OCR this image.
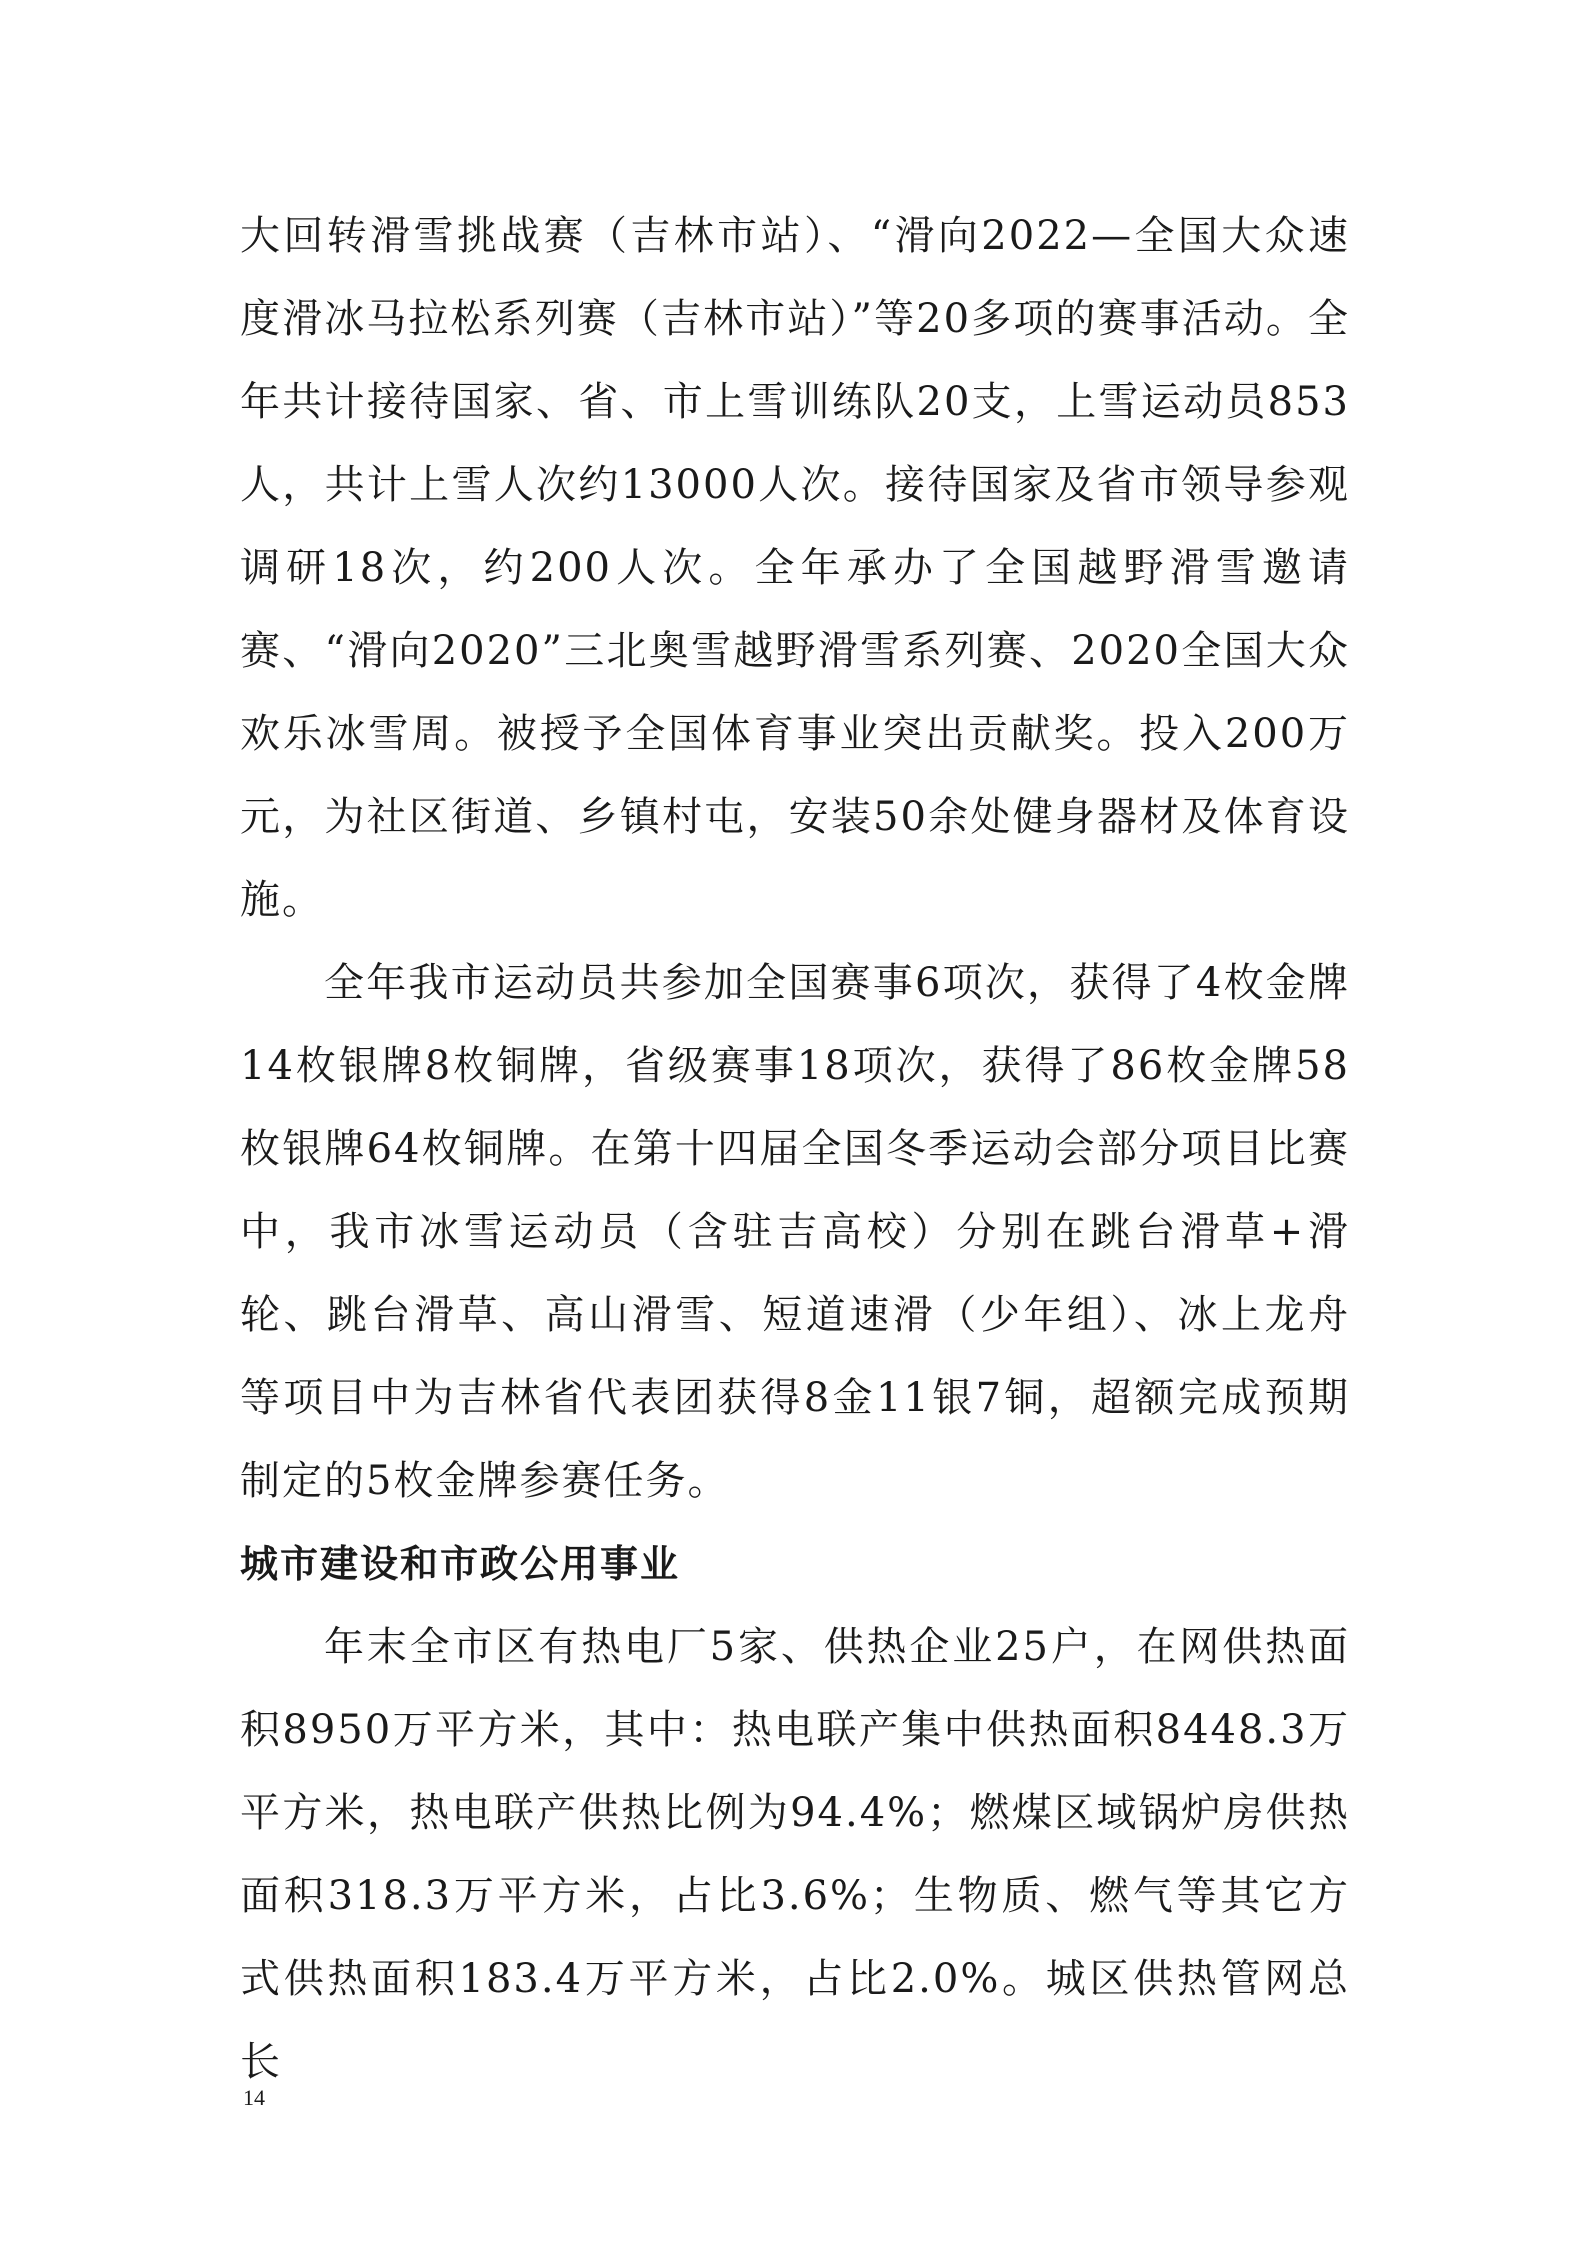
大回转滑雪挑战赛（吉林市站）、“滑向2022—全国大众速度滑冰马拉松系列赛（吉林市站）”等20多项的赛事活动。全年共计接待国家、省、市上雪训练队20支，上雪运动员853人，共计上雪人次约13000人次。接待国家及省市领导参观调研18次，约200人次。全年承办了全国越野滑雪邀请赛、“滑向2020”三北奥雪越野滑雪系列赛、2020全国大众欢乐冰雪周。被授予全国体育事业突出贡献奖。投入200万元，为社区街道、乡镇村屯，安装50余处健身器材及体育设施。

全年我市运动员共参加全国赛事6项次，获得了4枚金牌14枚银牌8枚铜牌，省级赛事18项次，获得了86枚金牌58枚银牌64枚铜牌。在第十四届全国冬季运动会部分项目比赛中，我市冰雪运动员（含驻吉高校）分别在跳台滑草+滑轮、跳台滑草、高山滑雪、短道速滑（少年组）、冰上龙舟等项目中为吉林省代表团获得8金11银7铜，超额完成预期制定的5枚金牌参赛任务。

城市建设和市政公用事业

年末全市区有热电厂5家、供热企业25户，在网供热面积8950万平方米，其中：热电联产集中供热面积8448.3万平方米，热电联产供热比例为94.4%；燃煤区域锅炉房供热面积318.3万平方米，占比3.6%；生物质、燃气等其它方式供热面积183.4万平方米，占比2.0%。城区供热管网总长

14
